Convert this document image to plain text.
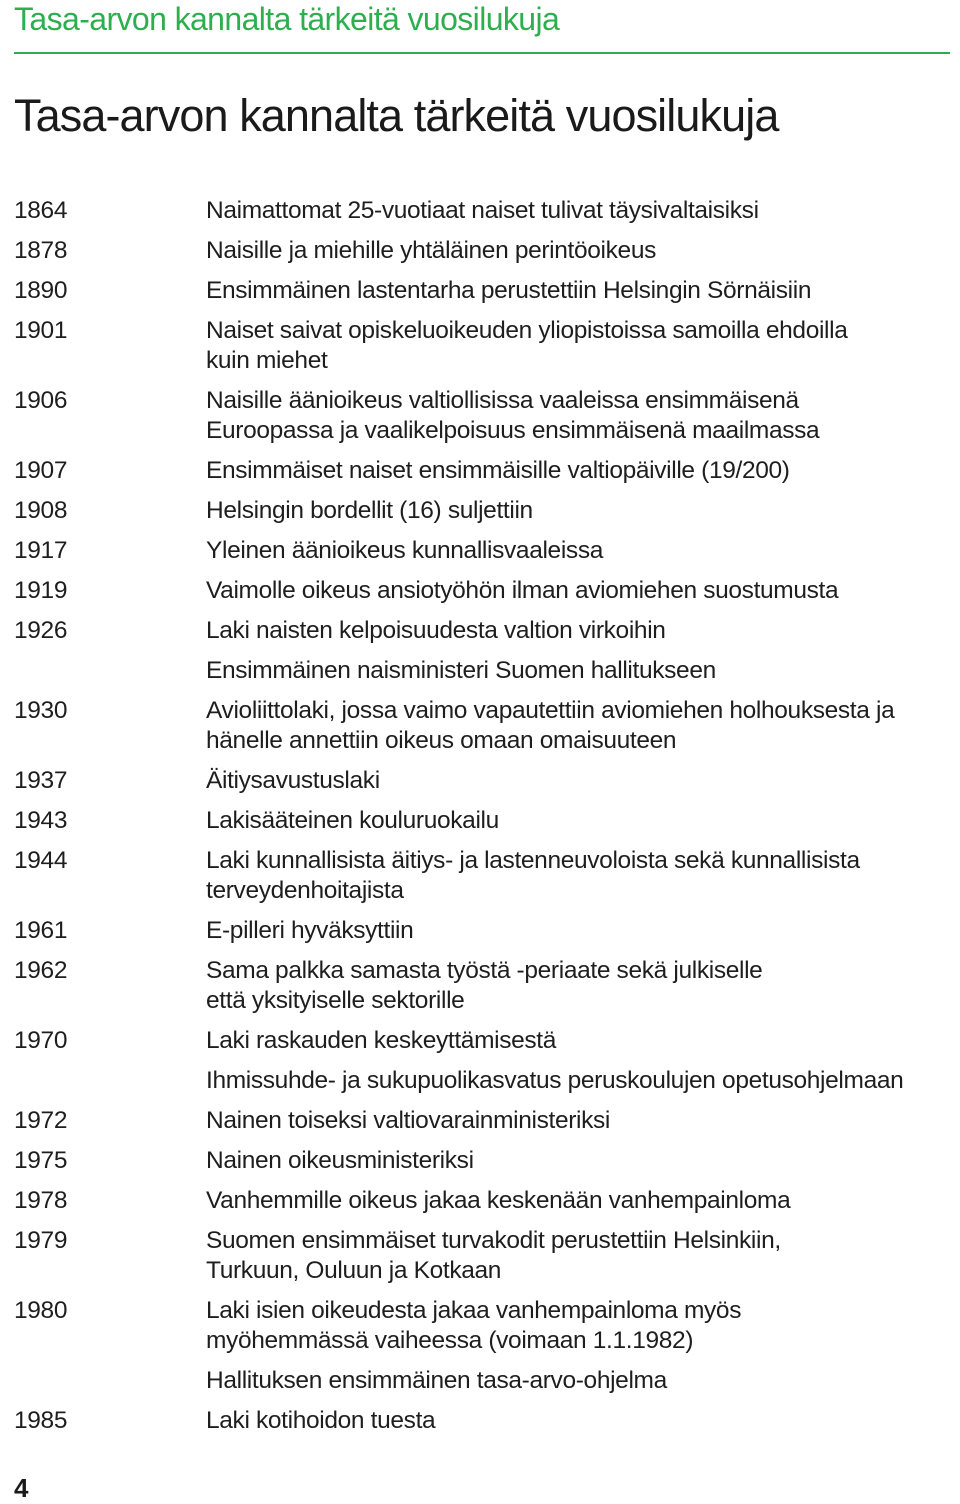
Tasa-arvon kannalta tärkeitä vuosilukuja
Tasa-arvon kannalta tärkeitä vuosilukuja
1864	Naimattomat 25-vuotiaat naiset tulivat täysivaltaisiksi
1878	Naisille ja miehille yhtäläinen perintöoikeus
1890	Ensimmäinen lastentarha perustettiin Helsingin Sörnäisiin
1901	Naiset saivat opiskeluoikeuden yliopistoissa samoilla ehdoilla
kuin miehet
1906	Naisille äänioikeus valtiollisissa vaaleissa ensimmäisenä
Euroopassa ja vaalikelpoisuus ensimmäisenä maailmassa
1907	Ensimmäiset naiset ensimmäisille valtiopäiville (19/200)
1908	Helsingin bordellit (16) suljettiin
1917	Yleinen äänioikeus kunnallisvaaleissa
1919	Vaimolle oikeus ansiotyöhön ilman aviomiehen suostumusta
1926	Laki naisten kelpoisuudesta valtion virkoihin
Ensimmäinen naisministeri Suomen hallitukseen
1930	Avioliittolaki, jossa vaimo vapautettiin aviomiehen holhouksesta ja
hänelle annettiin oikeus omaan omaisuuteen
1937	Äitiysavustuslaki
1943	Lakisääteinen kouluruokailu
1944	Laki kunnallisista äitiys- ja lastenneuvoloista sekä kunnallisista
terveydenhoitajista
1961	E-pilleri hyväksyttiin
1962	Sama palkka samasta työstä -periaate sekä julkiselle
että yksityiselle sektorille
1970	Laki raskauden keskeyttämisestä
Ihmissuhde- ja sukupuolikasvatus peruskoulujen opetusohjelmaan
1972	Nainen toiseksi valtiovarainministeriksi
1975	Nainen oikeusministeriksi
1978	Vanhemmille oikeus jakaa keskenään vanhempainloma
1979	Suomen ensimmäiset turvakodit perustettiin Helsinkiin,
Turkuun, Ouluun ja Kotkaan
1980	Laki isien oikeudesta jakaa vanhempainloma myös
myöhemmässä vaiheessa (voimaan 1.1.1982)
Hallituksen ensimmäinen tasa-arvo-ohjelma
1985	Laki kotihoidon tuesta
4
